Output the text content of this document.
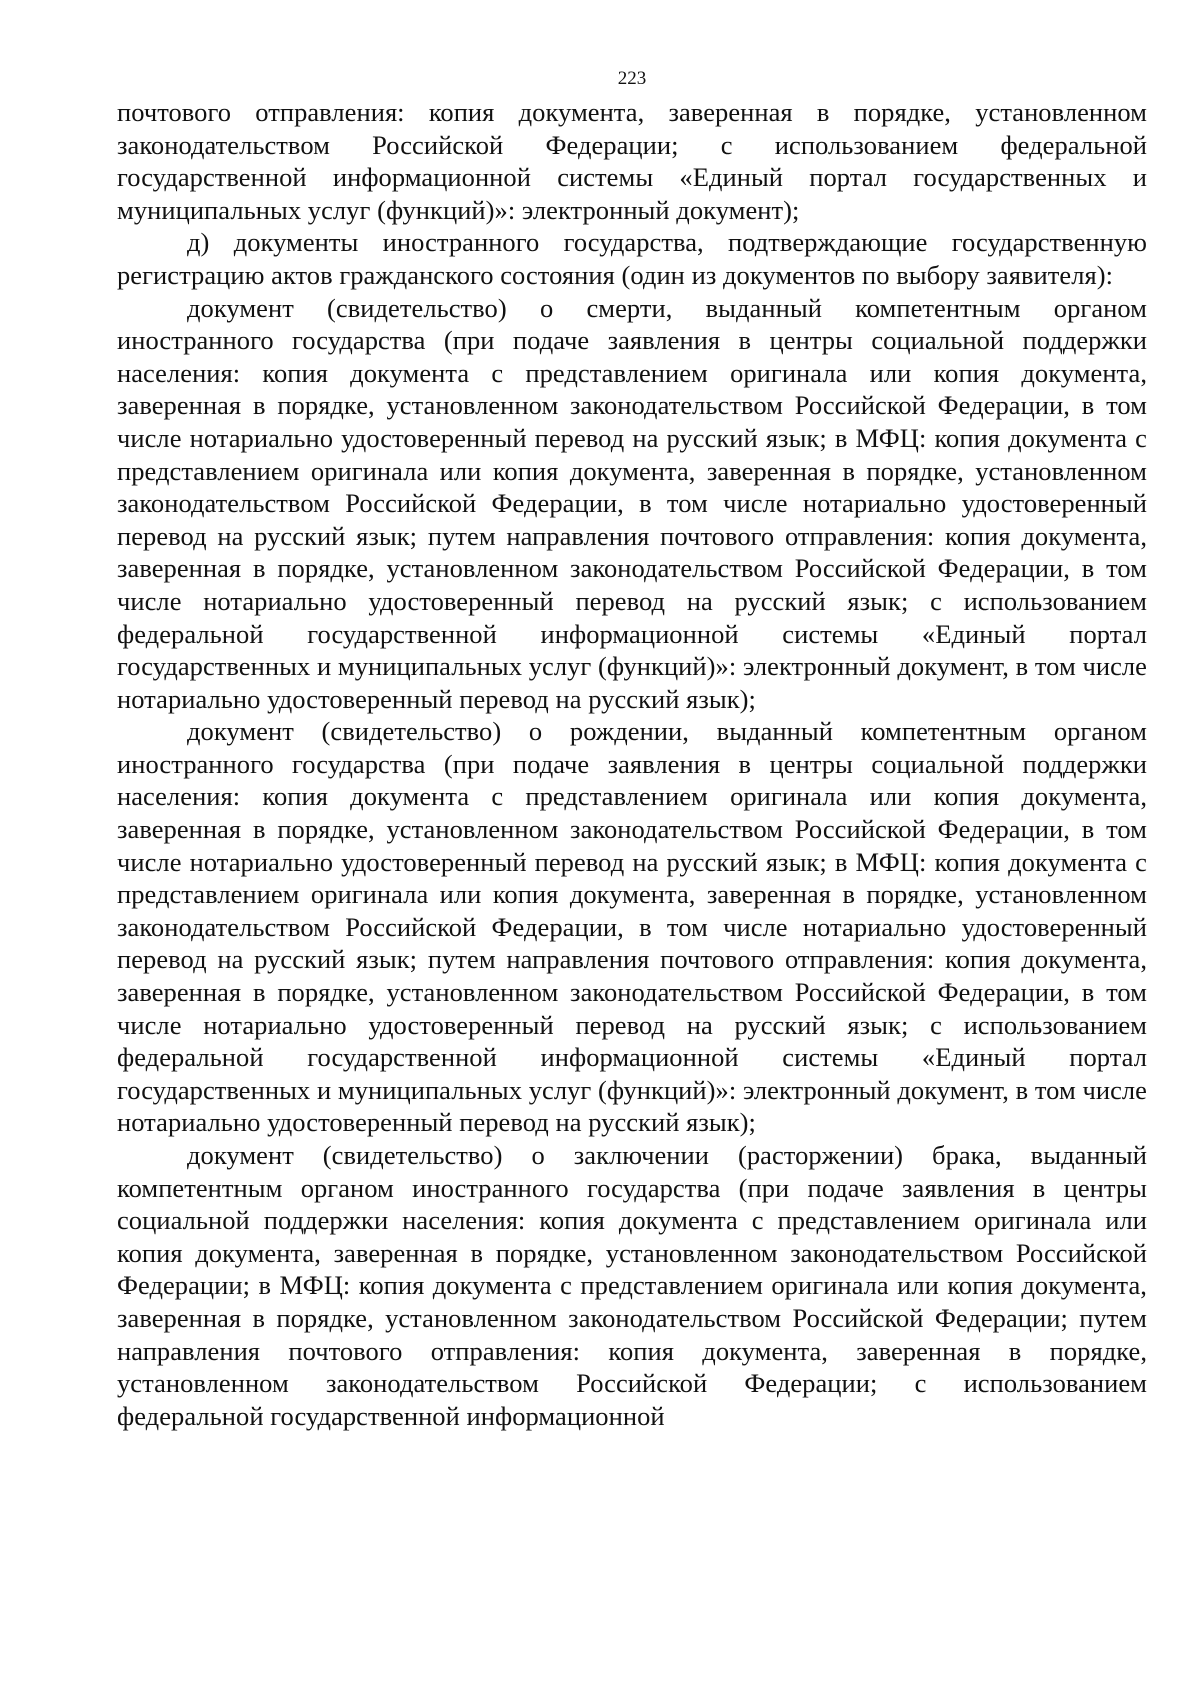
223

почтового отправления: копия документа, заверенная в порядке, установленном законодательством Российской Федерации; с использованием федеральной государственной информационной системы «Единый портал государственных и муниципальных услуг (функций)»: электронный документ);

д) документы иностранного государства, подтверждающие государственную регистрацию актов гражданского состояния (один из документов по выбору заявителя):

документ (свидетельство) о смерти, выданный компетентным органом иностранного государства (при подаче заявления в центры социальной поддержки населения: копия документа с представлением оригинала или копия документа, заверенная в порядке, установленном законодательством Российской Федерации, в том числе нотариально удостоверенный перевод на русский язык; в МФЦ: копия документа с представлением оригинала или копия документа, заверенная в порядке, установленном законодательством Российской Федерации, в том числе нотариально удостоверенный перевод на русский язык; путем направления почтового отправления: копия документа, заверенная в порядке, установленном законодательством Российской Федерации, в том числе нотариально удостоверенный перевод на русский язык; с использованием федеральной государственной информационной системы «Единый портал государственных и муниципальных услуг (функций)»: электронный документ, в том числе нотариально удостоверенный перевод на русский язык);

документ (свидетельство) о рождении, выданный компетентным органом иностранного государства (при подаче заявления в центры социальной поддержки населения: копия документа с представлением оригинала или копия документа, заверенная в порядке, установленном законодательством Российской Федерации, в том числе нотариально удостоверенный перевод на русский язык; в МФЦ: копия документа с представлением оригинала или копия документа, заверенная в порядке, установленном законодательством Российской Федерации, в том числе нотариально удостоверенный перевод на русский язык; путем направления почтового отправления: копия документа, заверенная в порядке, установленном законодательством Российской Федерации, в том числе нотариально удостоверенный перевод на русский язык; с использованием федеральной государственной информационной системы «Единый портал государственных и муниципальных услуг (функций)»: электронный документ, в том числе нотариально удостоверенный перевод на русский язык);

документ (свидетельство) о заключении (расторжении) брака, выданный компетентным органом иностранного государства (при подаче заявления в центры социальной поддержки населения: копия документа с представлением оригинала или копия документа, заверенная в порядке, установленном законодательством Российской Федерации; в МФЦ: копия документа с представлением оригинала или копия документа, заверенная в порядке, установленном законодательством Российской Федерации; путем направления почтового отправления: копия документа, заверенная в порядке, установленном законодательством Российской Федерации; с использованием федеральной государственной информационной
